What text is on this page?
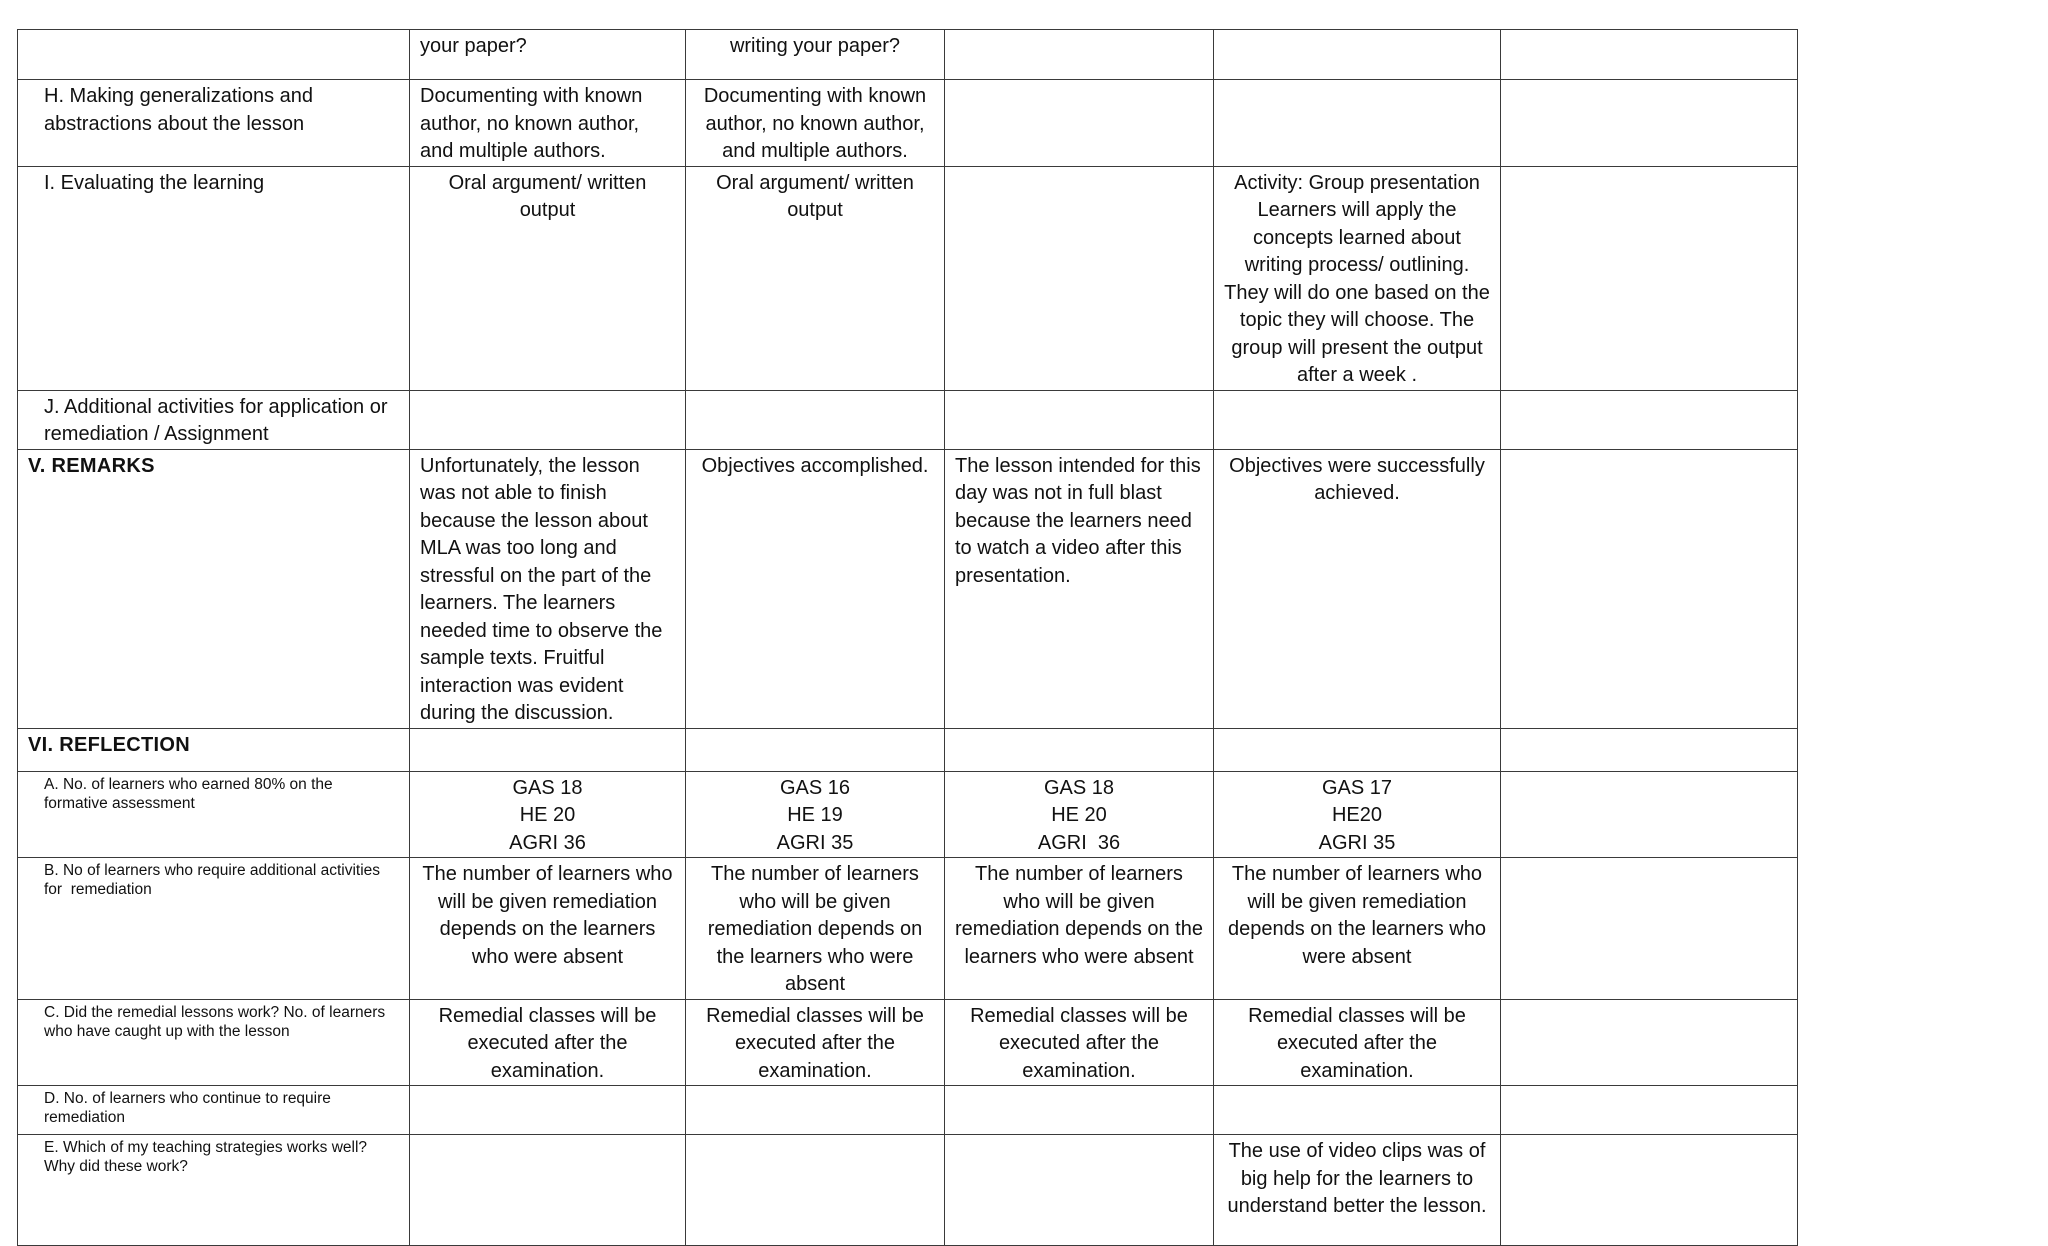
	your paper?	writing your paper?			

H. Making generalizations and abstractions about the lesson	Documenting with known author, no known author, and multiple authors.	Documenting with known author, no known author, and multiple authors.			

I. Evaluating the learning	Oral argument/ written output	Oral argument/ written output		Activity: Group presentation Learners will apply the concepts learned about writing process/ outlining. They will do one based on the topic they will choose. The group will present the output after a week .	

J. Additional activities for application or remediation / Assignment					

V. REMARKS	Unfortunately, the lesson was not able to finish because the lesson about MLA was too long and stressful on the part of the learners. The learners needed time to observe the sample texts. Fruitful interaction was evident during the discussion.	Objectives accomplished.	The lesson intended for this day was not in full blast because the learners need to watch a video after this presentation.	Objectives were successfully achieved.	
VI. REFLECTION					

A. No. of learners who earned 80% on the formative assessment	GAS 18
HE 20
AGRI 36	GAS 16
HE 19
AGRI 35	GAS 18
HE 20
AGRI  36	GAS 17
HE20
AGRI 35	

B. No of learners who require additional activities for  remediation	The number of learners who will be given remediation depends on the learners who were absent	The number of learners who will be given remediation depends on the learners who were absent	The number of learners who will be given remediation depends on the learners who were absent	The number of learners who will be given remediation depends on the learners who were absent	

C. Did the remedial lessons work? No. of learners who have caught up with the lesson	Remedial classes will be executed after the examination.	Remedial classes will be executed after the examination.	Remedial classes will be executed after the examination.	Remedial classes will be executed after the examination.	

D. No. of learners who continue to require remediation					

E. Which of my teaching strategies works well? Why did these work?				The use of video clips was of big help for the learners to understand better the lesson.	
